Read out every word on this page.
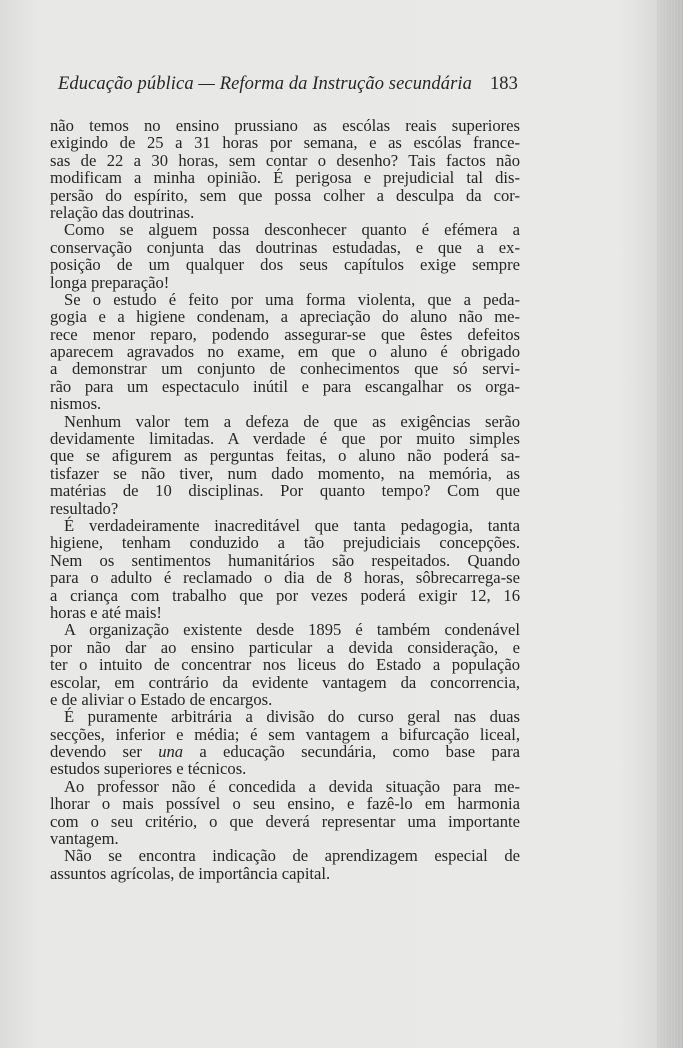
Educação pública — Reforma da Instrução secundária 183
não temos no ensino prussiano as escólas reais superiores
exigindo de 25 a 31 horas por semana, e as escólas france-
sas de 22 a 30 horas, sem contar o desenho? Tais factos não
modificam a minha opinião. É perigosa e prejudicial tal dis-
persão do espírito, sem que possa colher a desculpa da cor-
relação das doutrinas.
Como se alguem possa desconhecer quanto é efémera a
conservação conjunta das doutrinas estudadas, e que a ex-
posição de um qualquer dos seus capítulos exige sempre
longa preparação!
Se o estudo é feito por uma forma violenta, que a peda-
gogia e a higiene condenam, a apreciação do aluno não me-
rece menor reparo, podendo assegurar-se que êstes defeitos
aparecem agravados no exame, em que o aluno é obrigado
a demonstrar um conjunto de conhecimentos que só servi-
rão para um espectaculo inútil e para escangalhar os orga-
nismos.
Nenhum valor tem a defeza de que as exigências serão
devidamente limitadas. A verdade é que por muito simples
que se afigurem as perguntas feitas, o aluno não poderá sa-
tisfazer se não tiver, num dado momento, na memória, as
matérias de 10 disciplinas. Por quanto tempo? Com que
resultado?
É verdadeiramente inacreditável que tanta pedagogia, tanta
higiene, tenham conduzido a tão prejudiciais concepções.
Nem os sentimentos humanitários são respeitados. Quando
para o adulto é reclamado o dia de 8 horas, sôbrecarrega-se
a criança com trabalho que por vezes poderá exigir 12, 16
horas e até mais!
A organização existente desde 1895 é também condenável
por não dar ao ensino particular a devida consideração, e
ter o intuito de concentrar nos liceus do Estado a população
escolar, em contrário da evidente vantagem da concorrencia,
e de aliviar o Estado de encargos.
É puramente arbitrária a divisão do curso geral nas duas
secções, inferior e média; é sem vantagem a bifurcação liceal,
devendo ser una a educação secundária, como base para
estudos superiores e técnicos.
Ao professor não é concedida a devida situação para me-
lhorar o mais possível o seu ensino, e fazê-lo em harmonia
com o seu critério, o que deverá representar uma importante
vantagem.
Não se encontra indicação de aprendizagem especial de
assuntos agrícolas, de importância capital.
